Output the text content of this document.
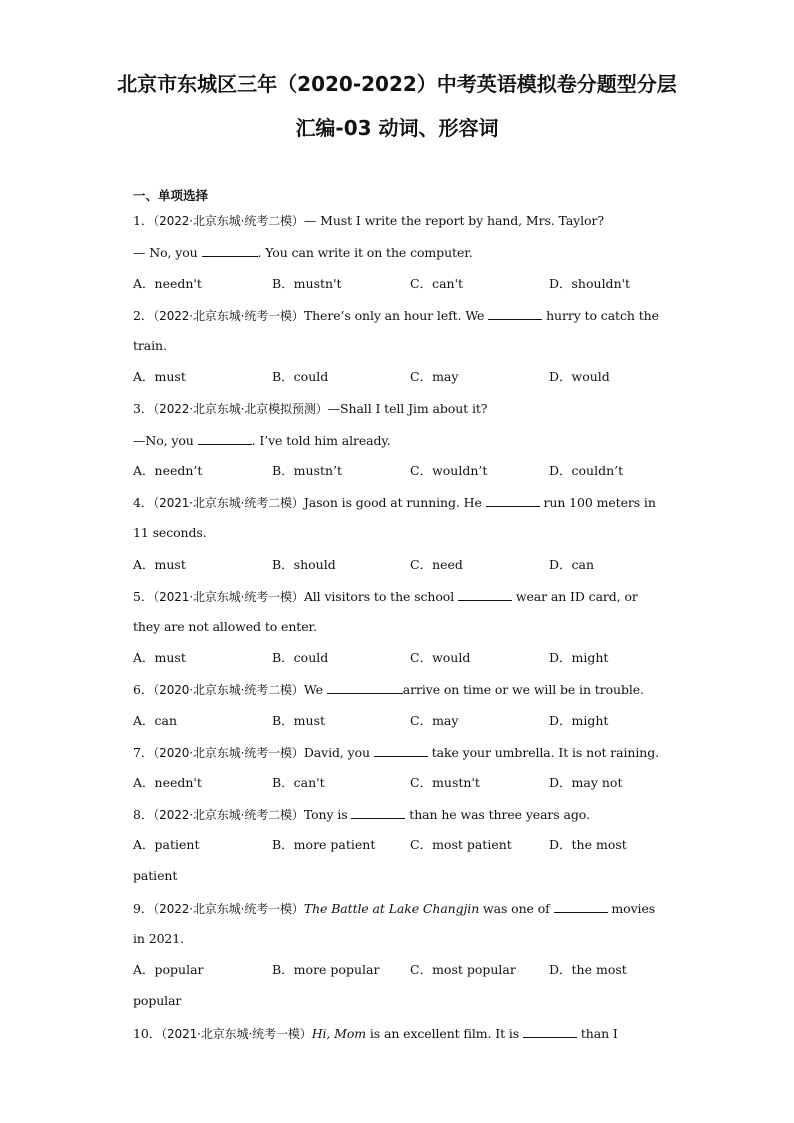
北京市东城区三年（2020-2022）中考英语模拟卷分题型分层
汇编-03 动词、形容词
一、单项选择
1．（2022·北京东城·统考二模）— Must I write the report by hand, Mrs. Taylor?
— No, you	. You can write it on the computer.
A．needn't	B．mustn't	C．can't	D．shouldn't
2．（2022·北京东城·统考一模）There’s only an hour left. We	hurry to catch the
train.
A．must	B．could	C．may	D．would
3．（2022·北京东城·北京模拟预测）—Shall I tell Jim about it?
—No, you	. I’ve told him already.
A．needn’t	B．mustn’t	C．wouldn’t	D．couldn’t
4．（2021·北京东城·统考二模）Jason is good at running. He	run 100 meters in
11 seconds.
A．must	B．should	C．need	D．can
5．（2021·北京东城·统考一模）All visitors to the school	wear an ID card, or
they are not allowed to enter.
A．must	B．could	C．would	D．might
6．（2020·北京东城·统考二模）We	arrive on time or we will be in trouble.
A．can	B．must	C．may	D．might
7．（2020·北京东城·统考一模）David, you	take your umbrella. It is not raining.
A．needn't	B．can't	C．mustn't	D．may not
8．（2022·北京东城·统考二模）Tony is	than he was three years ago.
A．patient	B．more patient	C．most patient	D．the most
patient
9．（2022·北京东城·统考一模）The Battle at Lake Changjin was one of	movies
in 2021.
A．popular	B．more popular C．most popular	D．the most
popular
10．（2021·北京东城·统考一模）Hi, Mom is an excellent film. It is	than I
